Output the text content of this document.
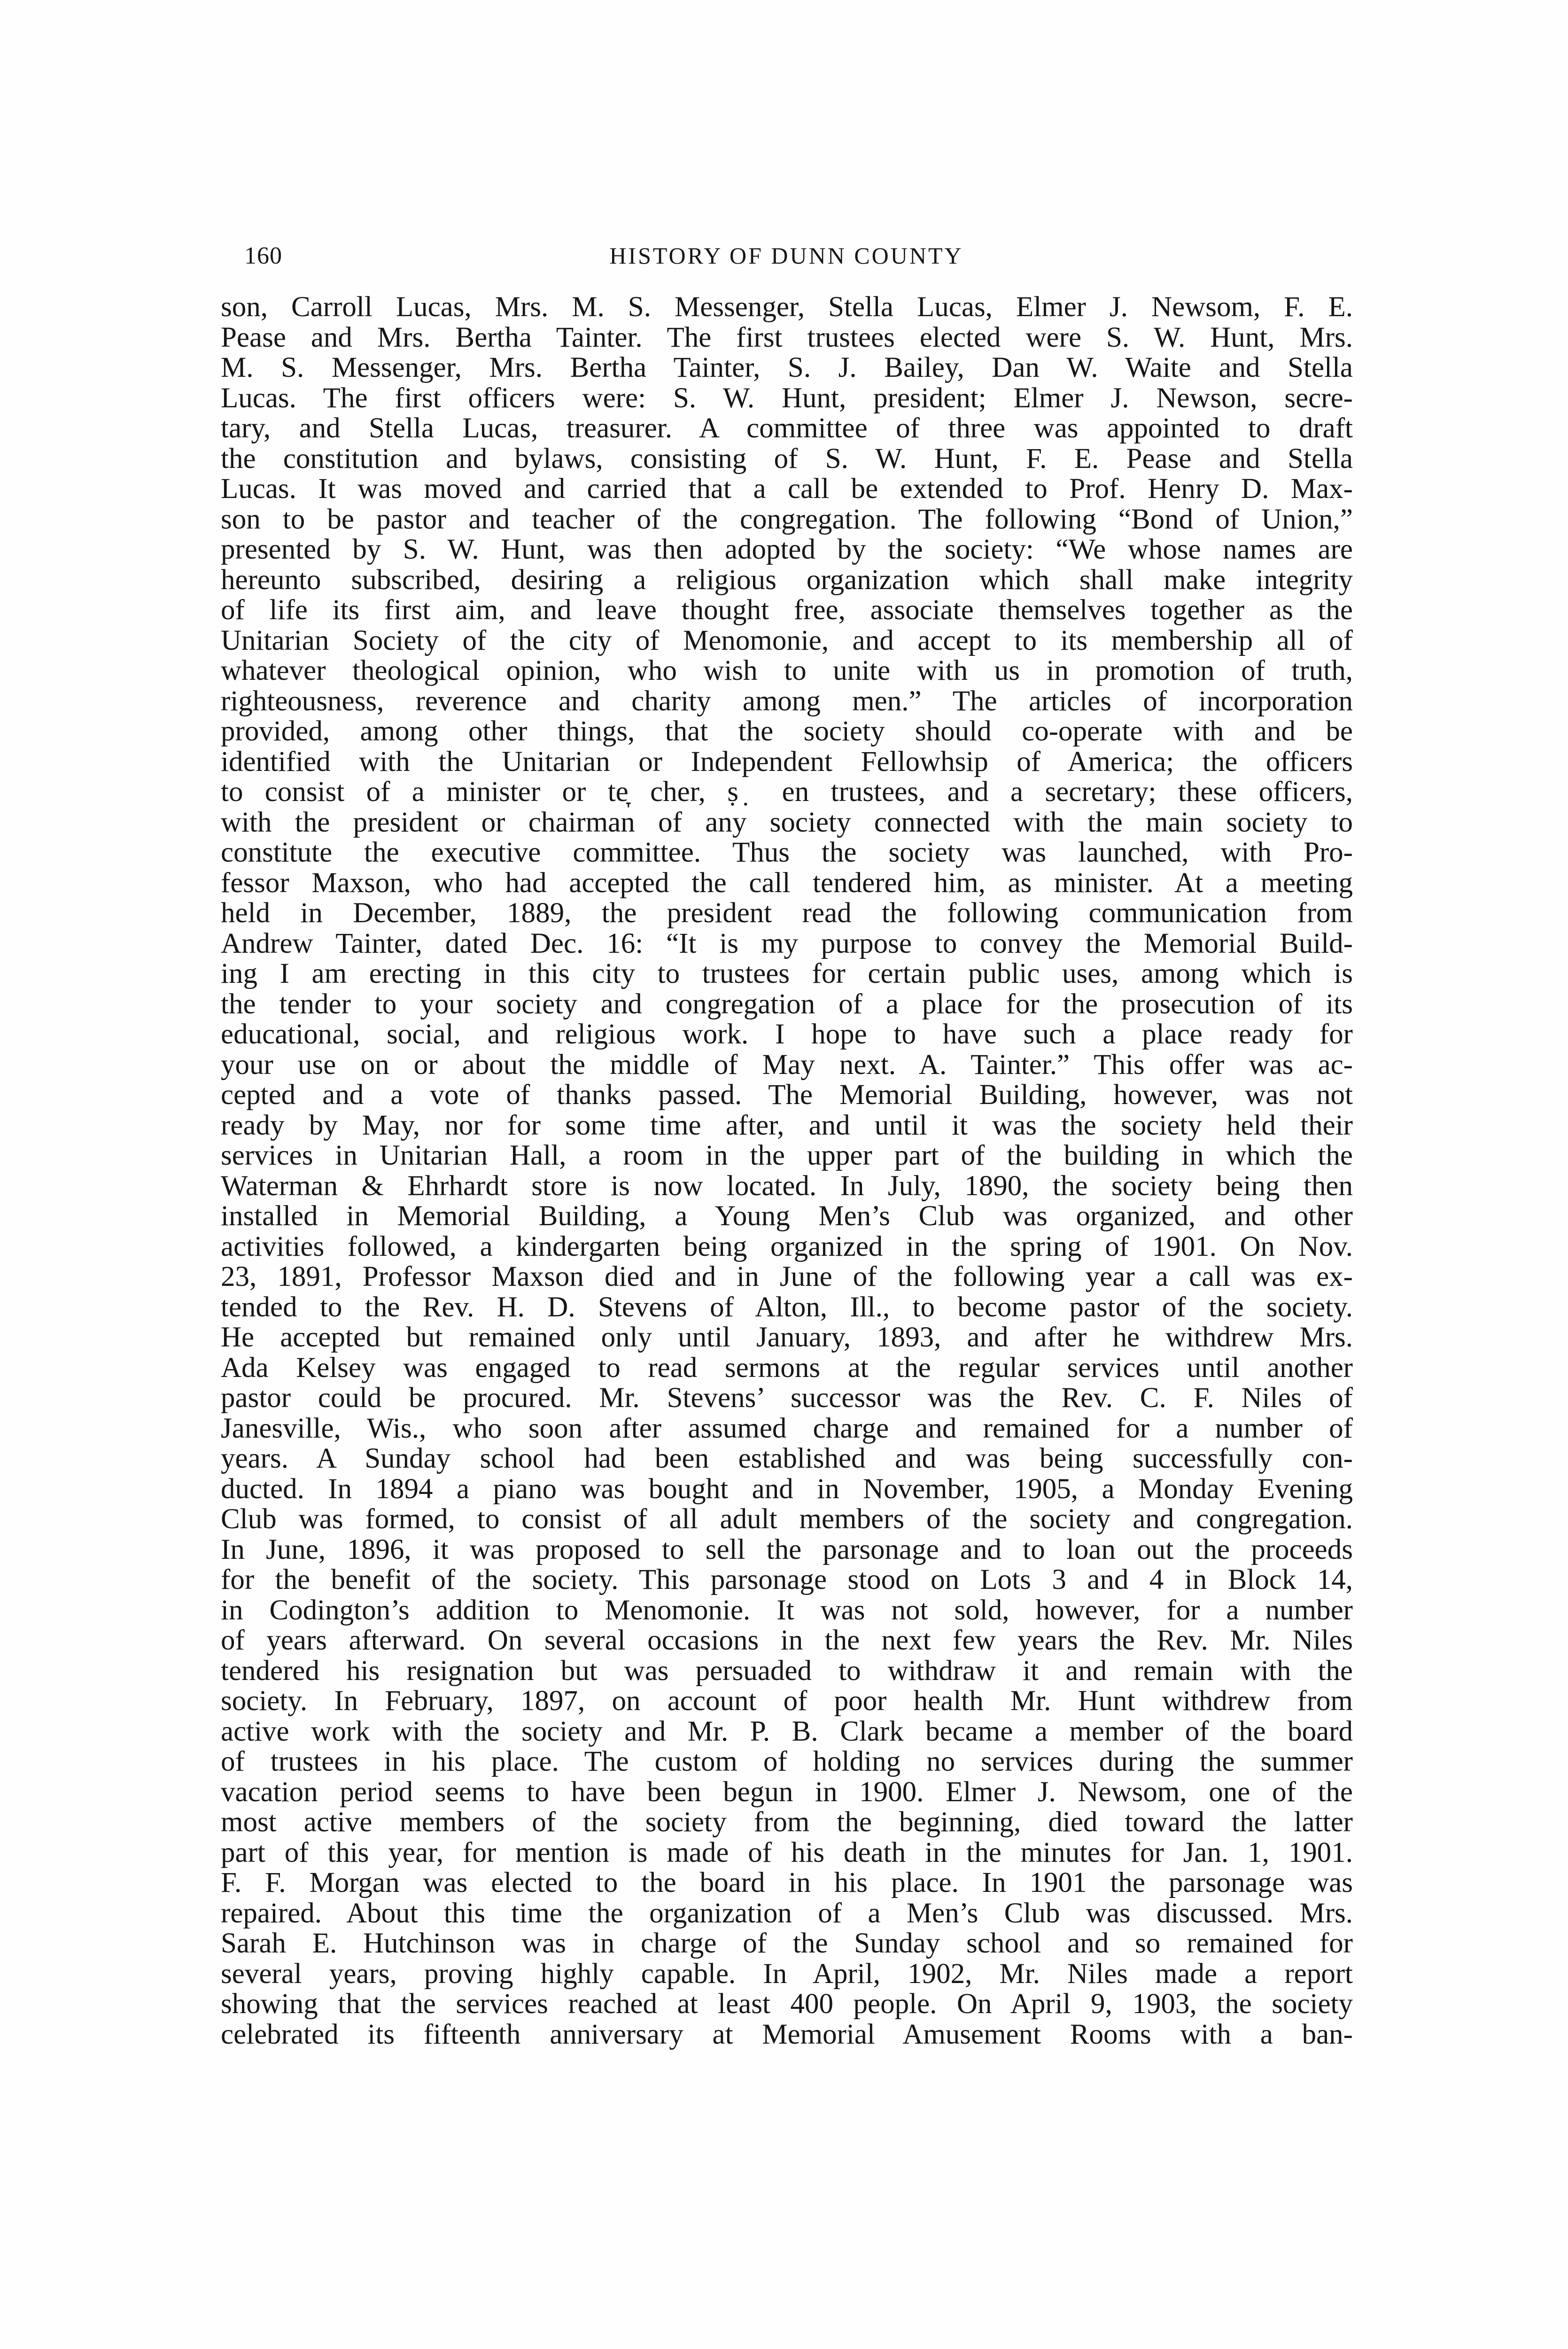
160	HISTORY OF DUNN COUNTY
son, Carroll Lucas, Mrs. M. S. Messenger, Stella Lucas, Elmer J. Newsom, F. E.
Pease and Mrs. Bertha Tainter. The first trustees elected were S. W. Hunt, Mrs.
M. S. Messenger, Mrs. Bertha Tainter, S. J. Bailey, Dan W. Waite and Stella
Lucas. The first officers were: S. W. Hunt, president; Elmer J. Newson, secre-
tary, and Stella Lucas, treasurer. A committee of three was appointed to draft
the constitution and bylaws, consisting of S. W. Hunt, F. E. Pease and Stella
Lucas. It was moved and carried that a call be extended to Prof. Henry D. Max-
son to be pastor and teacher of the congregation. The following “Bond of Union,”
presented by S. W. Hunt, was then adopted by the society: “We whose names are
hereunto subscribed, desiring a religious organization which shall make integrity
of life its first aim, and leave thought free, associate themselves together as the
Unitarian Society of the city of Menomonie, and accept to its membership all of
whatever theological opinion, who wish to unite with us in promotion of truth,
righteousness, reverence and charity among men.” The articles of incorporation
provided, among other things, that the society should co-operate with and be
identified with the Unitarian or Independent Fellowhsip of America; the officers
to consist of a minister or te̞ cher, ṣ ̣ en trustees, and a secretary; these officers,
with the president or chairman of any society connected with the main society to
constitute the executive committee. Thus the society was launched, with Pro-
fessor Maxson, who had accepted the call tendered him, as minister. At a meeting
held in December, 1889, the president read the following communication from
Andrew Tainter, dated Dec. 16: “It is my purpose to convey the Memorial Build-
ing I am erecting in this city to trustees for certain public uses, among which is
the tender to your society and congregation of a place for the prosecution of its
educational, social, and religious work. I hope to have such a place ready for
your use on or about the middle of May next. A. Tainter.” This offer was ac-
cepted and a vote of thanks passed. The Memorial Building, however, was not
ready by May, nor for some time after, and until it was the society held their
services in Unitarian Hall, a room in the upper part of the building in which the
Waterman & Ehrhardt store is now located. In July, 1890, the society being then
installed in Memorial Building, a Young Men’s Club was organized, and other
activities followed, a kindergarten being organized in the spring of 1901. On Nov.
23, 1891, Professor Maxson died and in June of the following year a call was ex-
tended to the Rev. H. D. Stevens of Alton, Ill., to become pastor of the society.
He accepted but remained only until January, 1893, and after he withdrew Mrs.
Ada Kelsey was engaged to read sermons at the regular services until another
pastor could be procured. Mr. Stevens’ successor was the Rev. C. F. Niles of
Janesville, Wis., who soon after assumed charge and remained for a number of
years. A Sunday school had been established and was being successfully con-
ducted. In 1894 a piano was bought and in November, 1905, a Monday Evening
Club was formed, to consist of all adult members of the society and congregation.
In June, 1896, it was proposed to sell the parsonage and to loan out the proceeds
for the benefit of the society. This parsonage stood on Lots 3 and 4 in Block 14,
in Codington’s addition to Menomonie. It was not sold, however, for a number
of years afterward. On several occasions in the next few years the Rev. Mr. Niles
tendered his resignation but was persuaded to withdraw it and remain with the
society. In February, 1897, on account of poor health Mr. Hunt withdrew from
active work with the society and Mr. P. B. Clark became a member of the board
of trustees in his place. The custom of holding no services during the summer
vacation period seems to have been begun in 1900. Elmer J. Newsom, one of the
most active members of the society from the beginning, died toward the latter
part of this year, for mention is made of his death in the minutes for Jan. 1, 1901.
F. F. Morgan was elected to the board in his place. In 1901 the parsonage was
repaired. About this time the organization of a Men’s Club was discussed. Mrs.
Sarah E. Hutchinson was in charge of the Sunday school and so remained for
several years, proving highly capable. In April, 1902, Mr. Niles made a report
showing that the services reached at least 400 people. On April 9, 1903, the society
celebrated its fifteenth anniversary at Memorial Amusement Rooms with a ban-
